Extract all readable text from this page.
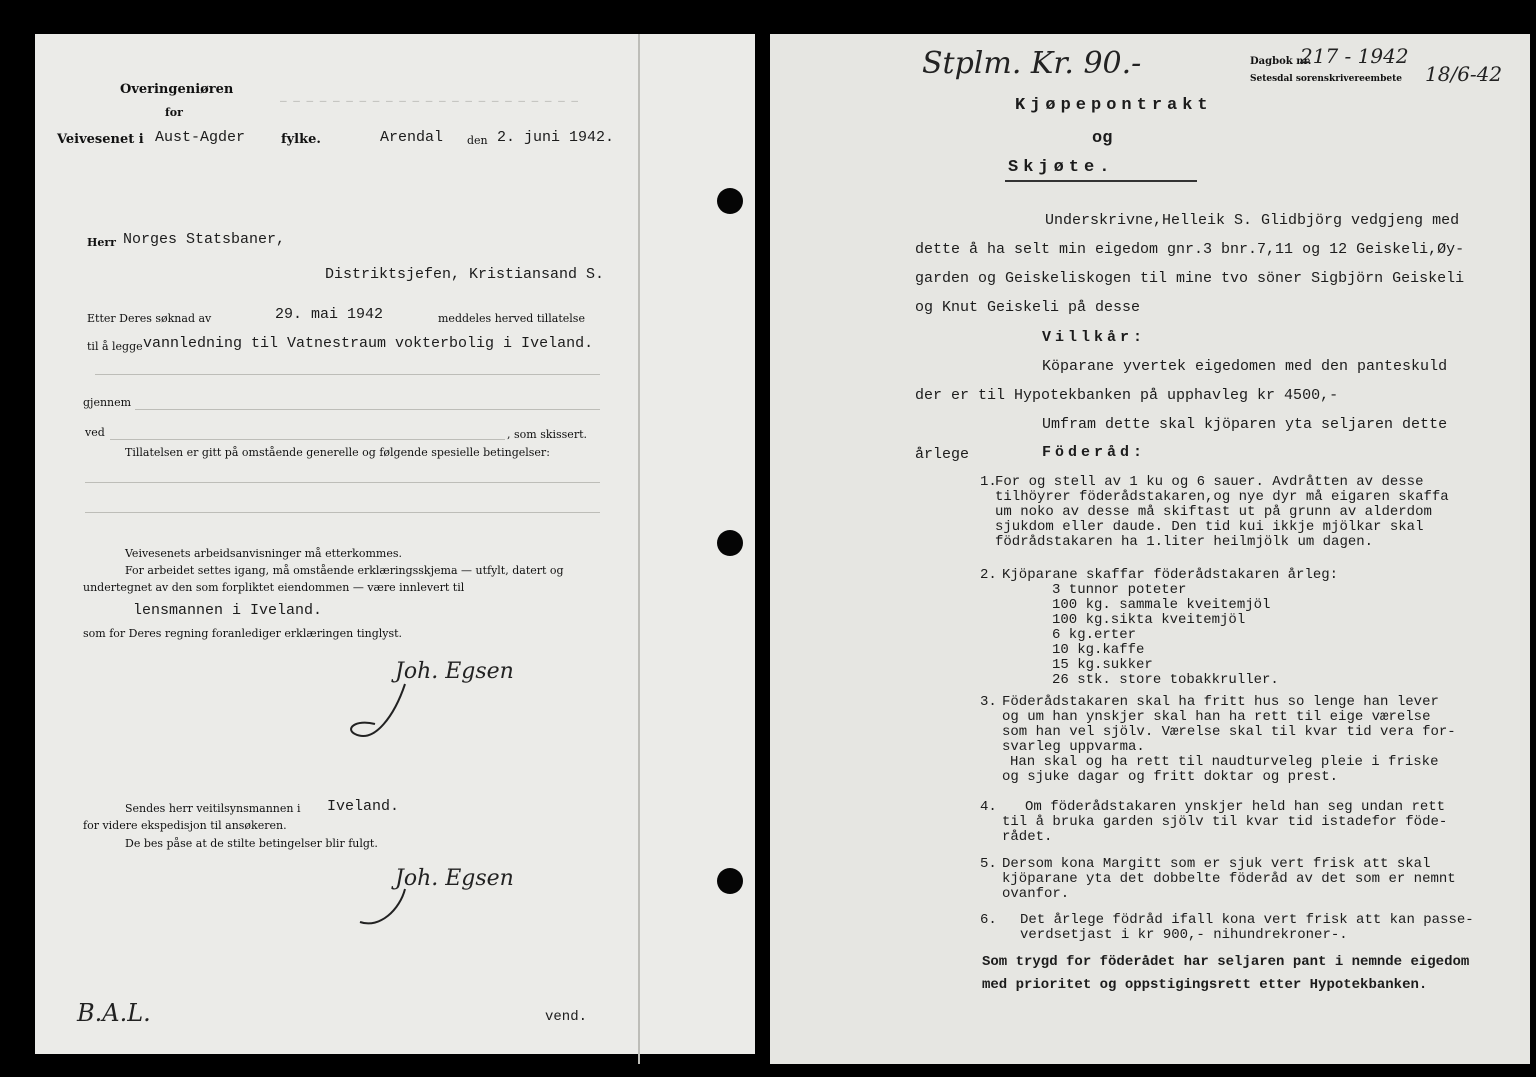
Overingeniøren
for
― ― ― ― ― ― ― ― ― ― ― ― ― ― ― ― ― ― ― ― ― ― ―
Veivesenet i Aust-Agder	fylke.	Arendal den 2. juni 1942.
Herr Norges Statsbaner,
Distriktsjefen, Kristiansand S.
Etter Deres søknad av	29. mai 1942	meddeles herved tillatelse
til å legge vannledning til Vatnestraum vokterbolig i Iveland.
gjennem
ved	, som skissert.
Tillatelsen er gitt på omstående generelle og følgende spesielle betingelser:
Veivesenets arbeidsanvisninger må etterkommes.
For arbeidet settes igang, må omstående erklæringsskjema — utfylt, datert og
undertegnet av den som forpliktet eiendommen — være innlevert til
lensmannen i Iveland.
som for Deres regning foranlediger erklæringen tinglyst.
Joh. Egsen
Sendes herr veitilsynsmannen i Iveland.
for videre ekspedisjon til ansøkeren.
De bes påse at de stilte betingelser blir fulgt.
Joh. Egsen
B.A.L.	vend.
Stplm. Kr. 90.-	Dagbok nr.
217 - 1942
Setesdal sorenskrivereembete 18/6-42
Kjøpepontrakt
og
Skjøte.
Underskrivne,Helleik S. Glidbjörg vedgjeng med
dette å ha selt min eigedom gnr.3 bnr.7,11 og 12 Geiskeli,Øy-
garden og Geiskeliskogen til mine tvo söner Sigbjörn Geiskeli
og Knut Geiskeli på desse
Villkår:
Köparane yvertek eigedomen med den panteskuld
der er til Hypotekbanken på upphavleg kr 4500,-
Umfram dette skal kjöparen yta seljaren dette
årlege	Föderåd:
1.
For og stell av 1 ku og 6 sauer. Avdråtten av desse
tilhöyrer föderådstakaren,og nye dyr må eigaren skaffa
um noko av desse må skiftast ut på grunn av alderdom
sjukdom eller daude. Den tid kui ikkje mjölkar skal
födrådstakaren ha 1.liter heilmjölk um dagen.
2. Kjöparane skaffar föderådstakaren årleg:
3 tunnor poteter
100 kg. sammale kveitemjöl
100 kg.sikta kveitemjöl
6 kg.erter
10 kg.kaffe
15 kg.sukker
26 stk. store tobakkruller.
3. Föderådstakaren skal ha fritt hus so lenge han lever
og um han ynskjer skal han ha rett til eige værelse
som han vel sjölv. Værelse skal til kvar tid vera for-
svarleg uppvarma.
Han skal og ha rett til naudturveleg pleie i friske
og sjuke dagar og fritt doktar og prest.
4. Om föderådstakaren ynskjer held han seg undan rett
til å bruka garden sjölv til kvar tid istadefor föde-
rådet.
5. Dersom kona Margitt som er sjuk vert frisk att skal
kjöparane yta det dobbelte föderåd av det som er nemnt
ovanfor.
6. Det årlege födråd ifall kona vert frisk att kan passe-
verdsetjast i kr 900,- nihundrekroner-.
Som trygd for föderådet har seljaren pant i nemnde eigedom
med prioritet og oppstigingsrett etter Hypotekbanken.
